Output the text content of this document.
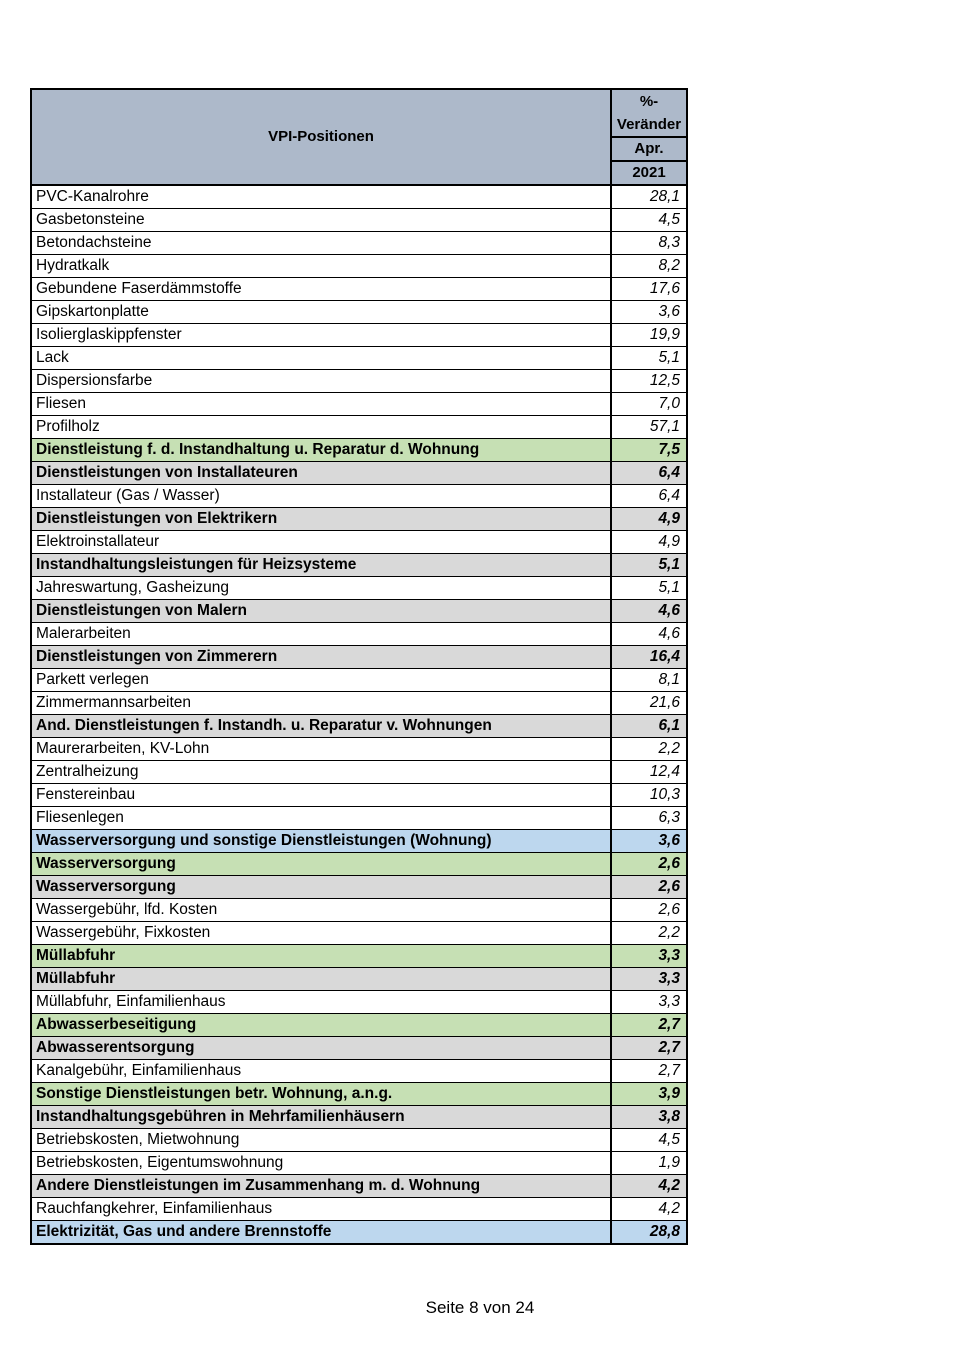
VPI-Positionen	%-
Veränder
	Apr.
	2021
PVC-Kanalrohre	28,1
Gasbetonsteine	4,5
Betondachsteine	8,3
Hydratkalk	8,2
Gebundene Faserdämmstoffe	17,6
Gipskartonplatte	3,6
Isolierglaskippfenster	19,9
Lack	5,1
Dispersionsfarbe	12,5
Fliesen	7,0
Profilholz	57,1
Dienstleistung f. d. Instandhaltung u. Reparatur d. Wohnung	7,5
Dienstleistungen von Installateuren	6,4
Installateur (Gas / Wasser)	6,4
Dienstleistungen von Elektrikern	4,9
Elektroinstallateur	4,9
Instandhaltungsleistungen für Heizsysteme	5,1
Jahreswartung, Gasheizung	5,1
Dienstleistungen von Malern	4,6
Malerarbeiten	4,6
Dienstleistungen von Zimmerern	16,4
Parkett verlegen	8,1
Zimmermannsarbeiten	21,6
And. Dienstleistungen f. Instandh. u. Reparatur v. Wohnungen	6,1
Maurerarbeiten, KV-Lohn	2,2
Zentralheizung	12,4
Fenstereinbau	10,3
Fliesenlegen	6,3
Wasserversorgung und sonstige Dienstleistungen (Wohnung)	3,6
Wasserversorgung	2,6
Wasserversorgung	2,6
Wassergebühr, lfd. Kosten	2,6
Wassergebühr, Fixkosten	2,2
Müllabfuhr	3,3
Müllabfuhr	3,3
Müllabfuhr, Einfamilienhaus	3,3
Abwasserbeseitigung	2,7
Abwasserentsorgung	2,7
Kanalgebühr, Einfamilienhaus	2,7
Sonstige Dienstleistungen betr. Wohnung, a.n.g.	3,9
Instandhaltungsgebühren in Mehrfamilienhäusern	3,8
Betriebskosten, Mietwohnung	4,5
Betriebskosten, Eigentumswohnung	1,9
Andere Dienstleistungen im Zusammenhang m. d. Wohnung	4,2
Rauchfangkehrer, Einfamilienhaus	4,2
Elektrizität, Gas und andere Brennstoffe	28,8
Seite 8 von 24
